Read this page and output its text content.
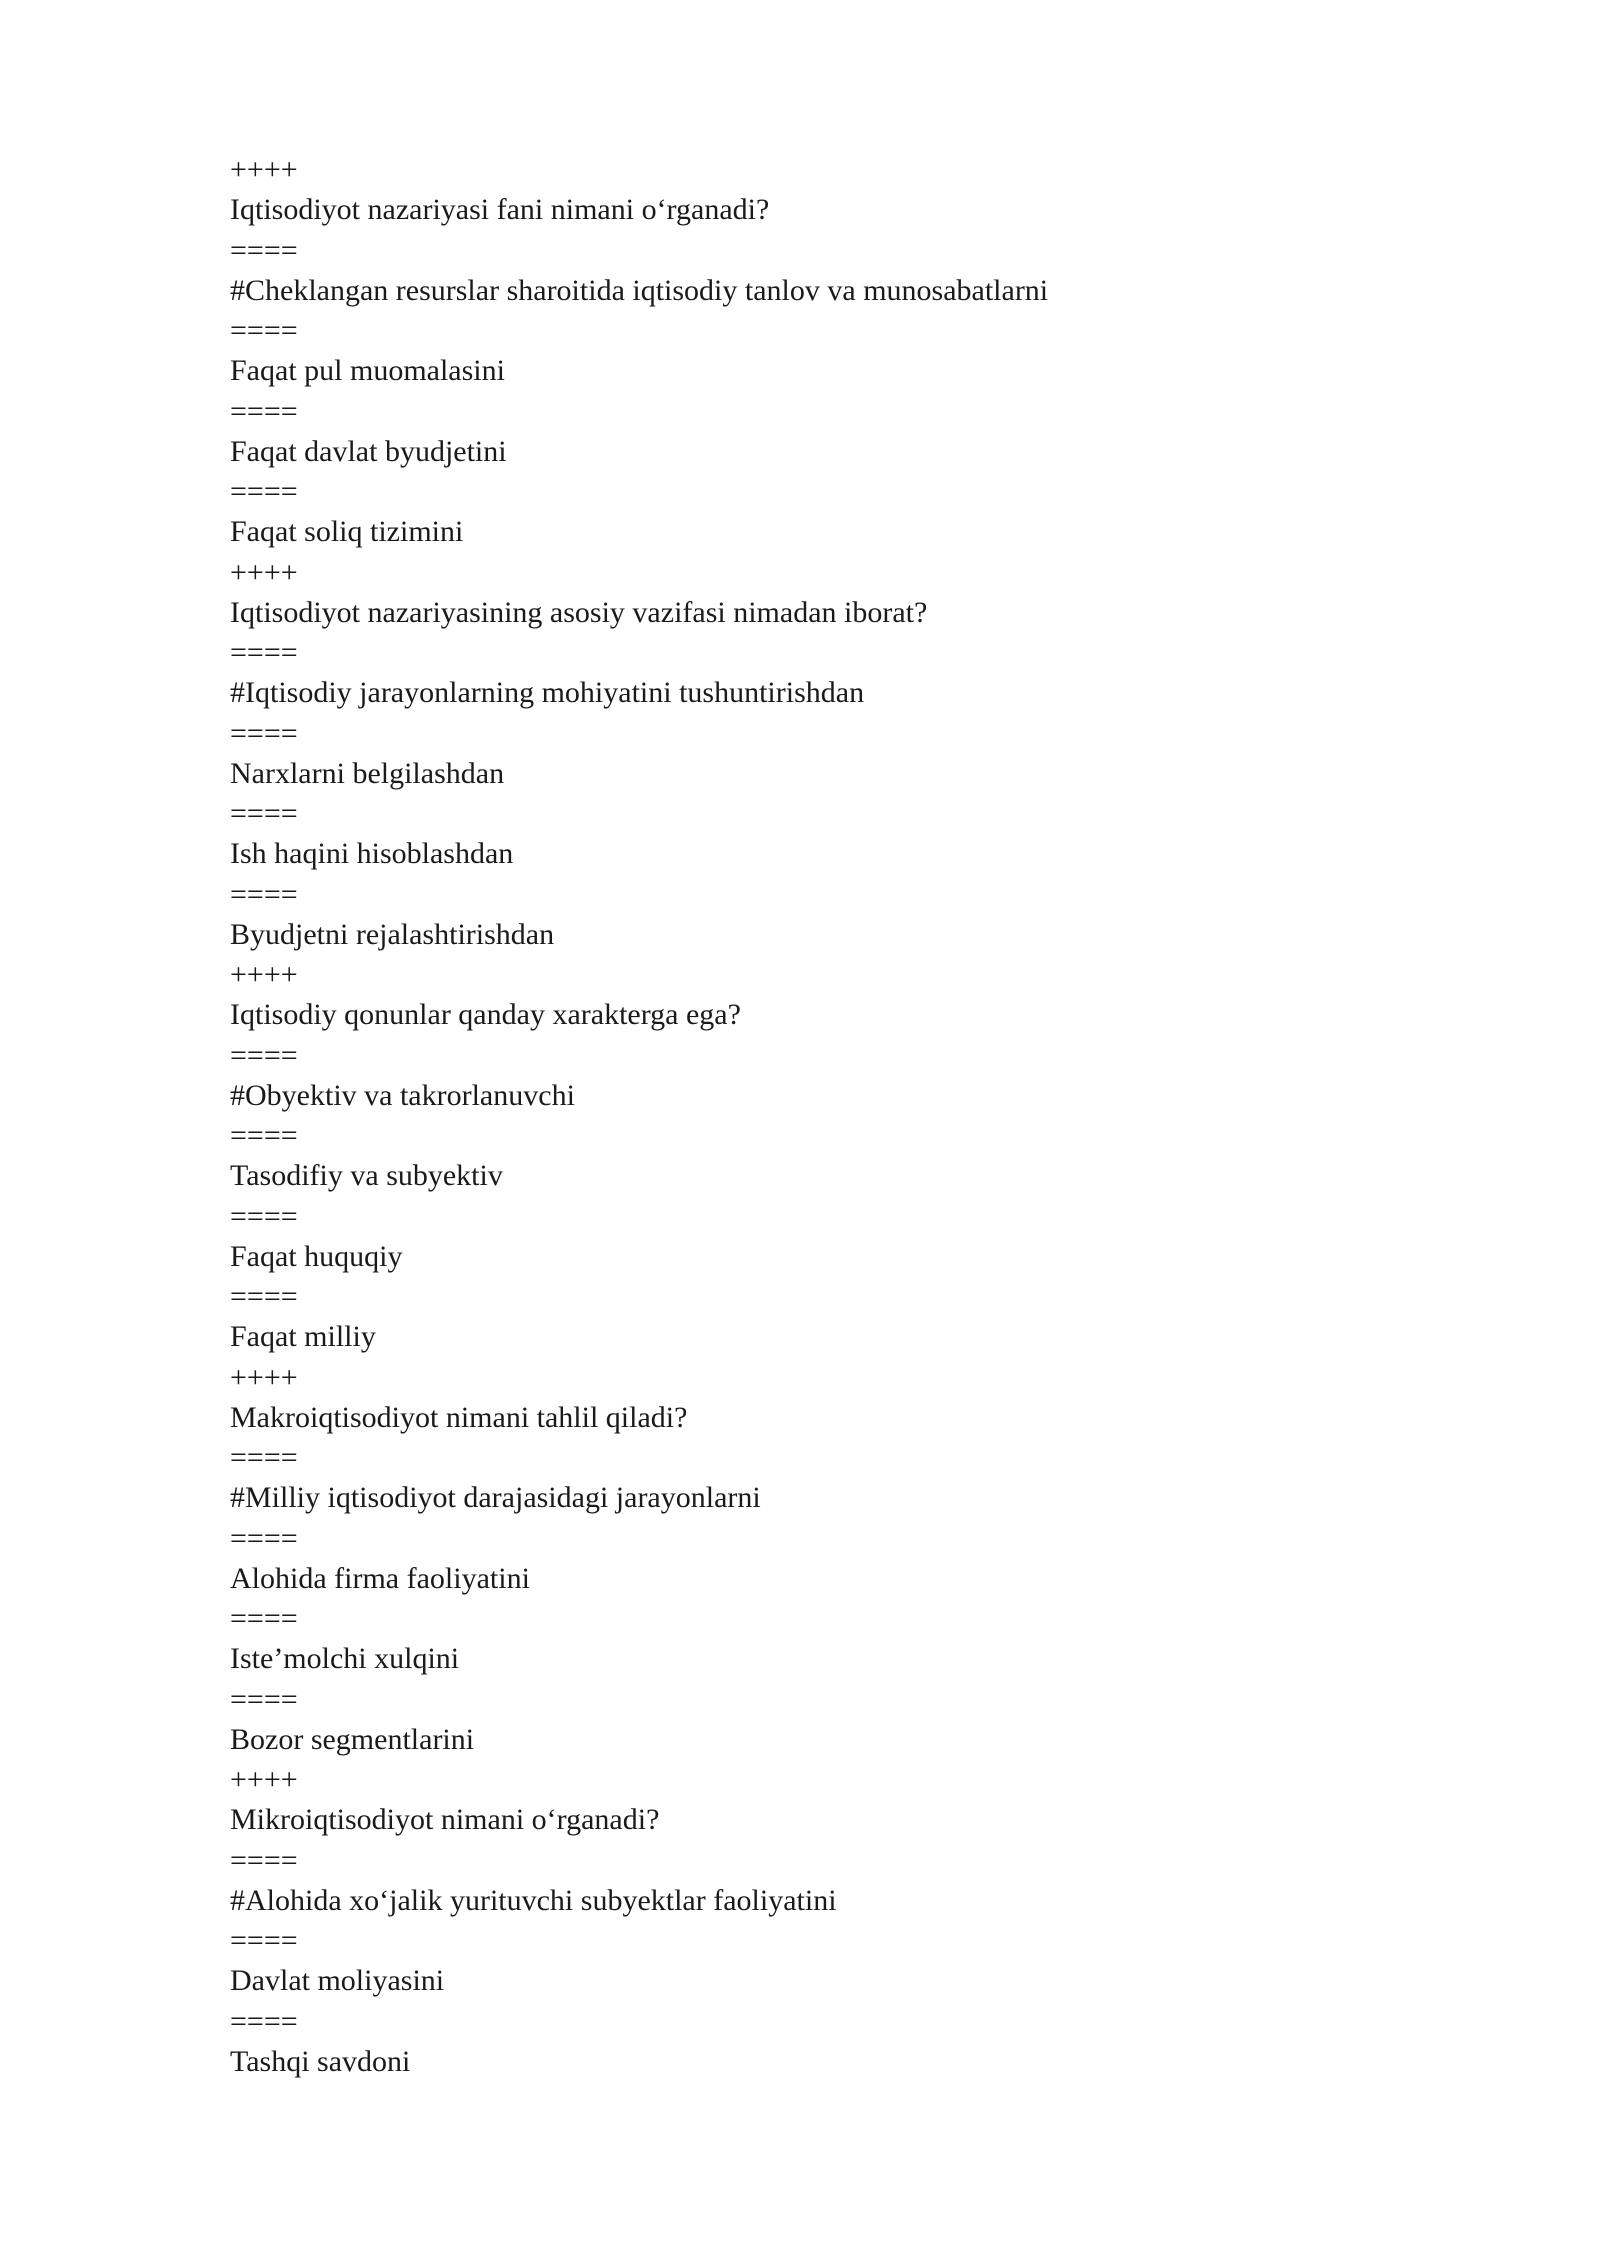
++++
Iqtisodiyot nazariyasi fani nimani o‘rganadi?
====
#Cheklangan resurslar sharoitida iqtisodiy tanlov va munosabatlarni
====
Faqat pul muomalasini
====
Faqat davlat byudjetini
====
Faqat soliq tizimini
++++
Iqtisodiyot nazariyasining asosiy vazifasi nimadan iborat?
====
#Iqtisodiy jarayonlarning mohiyatini tushuntirishdan
====
Narxlarni belgilashdan
====
Ish haqini hisoblashdan
====
Byudjetni rejalashtirishdan
++++
Iqtisodiy qonunlar qanday xarakterga ega?
====
#Obyektiv va takrorlanuvchi
====
Tasodifiy va subyektiv
====
Faqat huquqiy
====
Faqat milliy
++++
Makroiqtisodiyot nimani tahlil qiladi?
====
#Milliy iqtisodiyot darajasidagi jarayonlarni
====
Alohida firma faoliyatini
====
Iste’molchi xulqini
====
Bozor segmentlarini
++++
Mikroiqtisodiyot nimani o‘rganadi?
====
#Alohida xo‘jalik yurituvchi subyektlar faoliyatini
====
Davlat moliyasini
====
Tashqi savdoni
